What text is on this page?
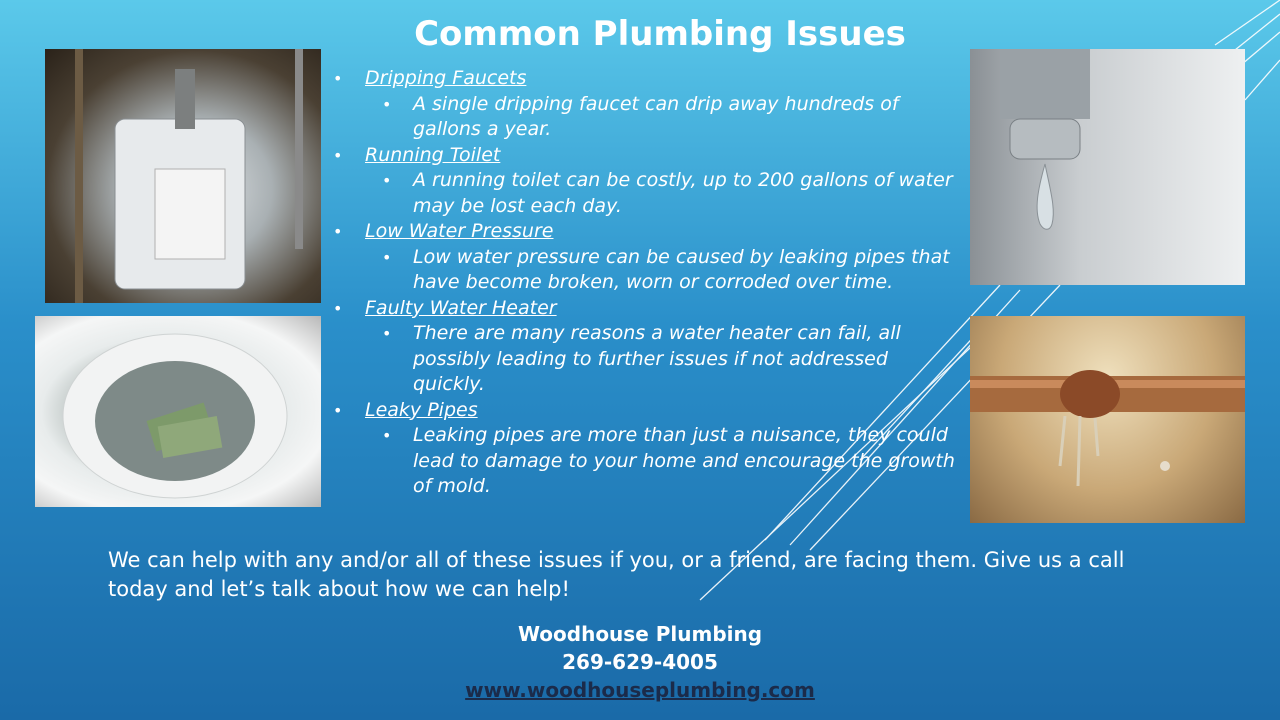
Common Plumbing Issues
• Dripping Faucets
• A single dripping faucet can drip away hundreds of gallons a year.
• Running Toilet
• A running toilet can be costly, up to 200 gallons of water may be lost each day.
• Low Water Pressure
• Low water pressure can be caused by leaking pipes that have become broken, worn or corroded over time.
• Faulty Water Heater
• There are many reasons a water heater can fail, all possibly leading to further issues if not addressed quickly.
• Leaky Pipes
• Leaking pipes are more than just a nuisance, they could lead to damage to your home and encourage the growth of mold.

We can help with any and/or all of these issues if you, or a friend, are facing them. Give us a call today and let’s talk about how we can help!

Woodhouse Plumbing
269-629-4005
www.woodhouseplumbing.com
